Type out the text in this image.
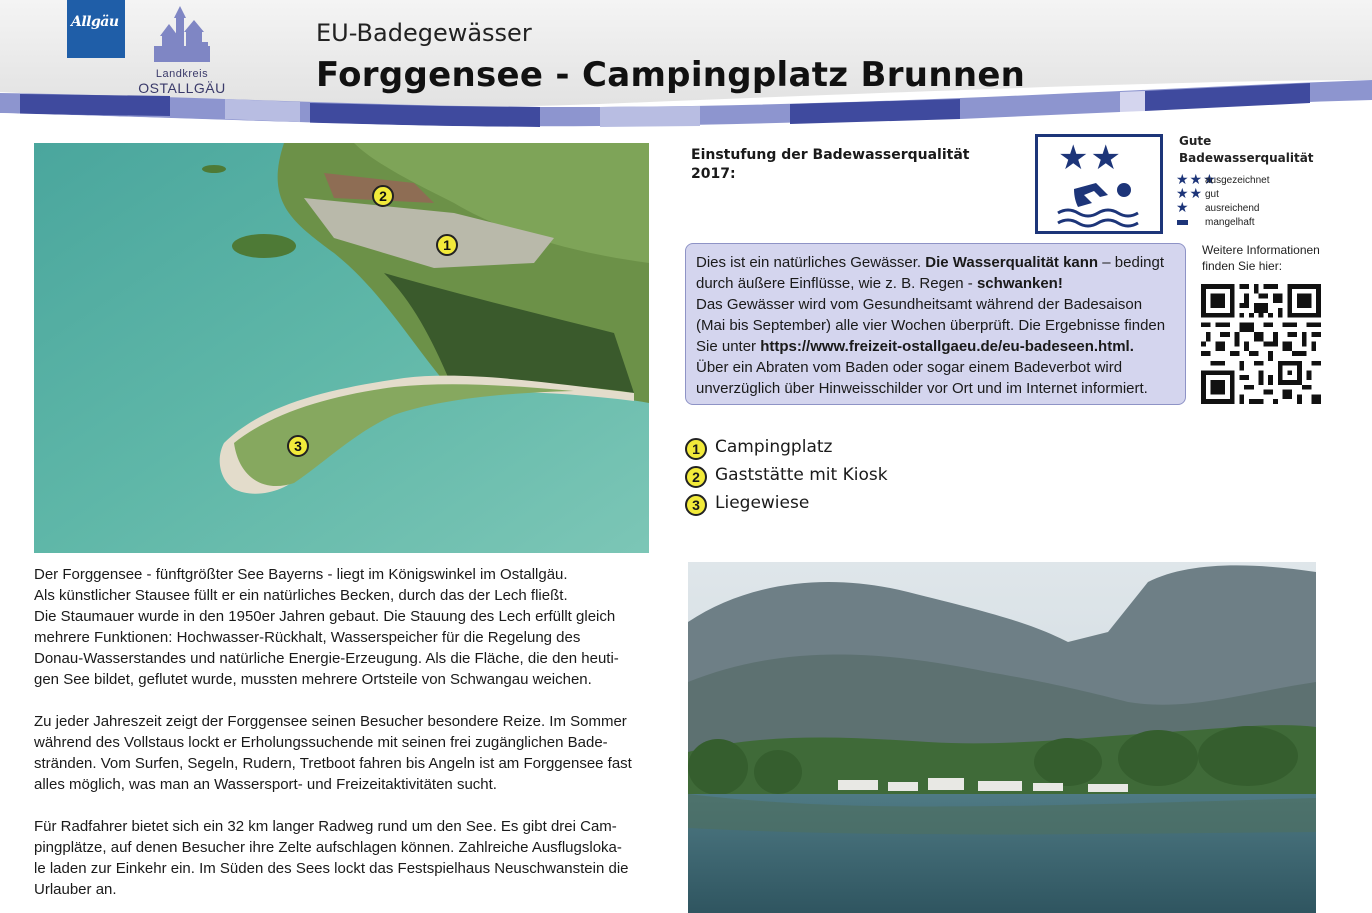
Allgäu
Landkreis
OSTALLGÄU
EU-Badegewässer
Forggensee - Campingplatz Brunnen
2
1
3

Der Forggensee - fünftgrößter See Bayerns - liegt im Königswinkel im Ostallgäu.
Als künstlicher Stausee füllt er ein natürliches Becken, durch das der Lech fließt.
Die Staumauer wurde in den 1950er Jahren gebaut. Die Stauung des Lech erfüllt gleich
mehrere Funktionen: Hochwasser-Rückhalt, Wasserspeicher für die Regelung des
Donau-Wasserstandes und natürliche Energie-Erzeugung. Als die Fläche, die den heuti-
gen See bildet, geflutet wurde, mussten mehrere Ortsteile von Schwangau weichen.

Zu jeder Jahreszeit zeigt der Forggensee seinen Besucher besondere Reize. Im Sommer
während des Vollstaus lockt er Erholungssuchende mit seinen frei zugänglichen Bade-
stränden. Vom Surfen, Segeln, Rudern, Tretboot fahren bis Angeln ist am Forggensee fast
alles möglich, was man an Wassersport- und Freizeitaktivitäten sucht.

Für Radfahrer bietet sich ein 32 km langer Radweg rund um den See. Es gibt drei Cam-
pingplätze, auf denen Besucher ihre Zelte aufschlagen können. Zahlreiche Ausflugsloka-
le laden zur Einkehr ein. Im Süden des Sees lockt das Festspielhaus Neuschwanstein die
Urlauber an.

Einstufung der Badewasserqualität
2017:	★★	Gute
Badewasserqualität
★★★
ausgezeichnet
★★ gut
★ ausreichend
mangelhaft
Dies ist ein natürliches Gewässer. Die Wasserqualität kann – bedingt
durch äußere Einflüsse, wie z. B. Regen - schwanken!
Das Gewässer wird vom Gesundheitsamt während der Badesaison
(Mai bis September) alle vier Wochen überprüft. Die Ergebnisse finden
Sie unter https://www.freizeit-ostallgaeu.de/eu-badeseen.html.
Über ein Abraten vom Baden oder sogar einem Badeverbot wird
unverzüglich über Hinweisschilder vor Ort und im Internet informiert.
Weitere Informationen
finden Sie hier:
1 Campingplatz
2 Gaststätte mit Kiosk
3 Liegewiese
